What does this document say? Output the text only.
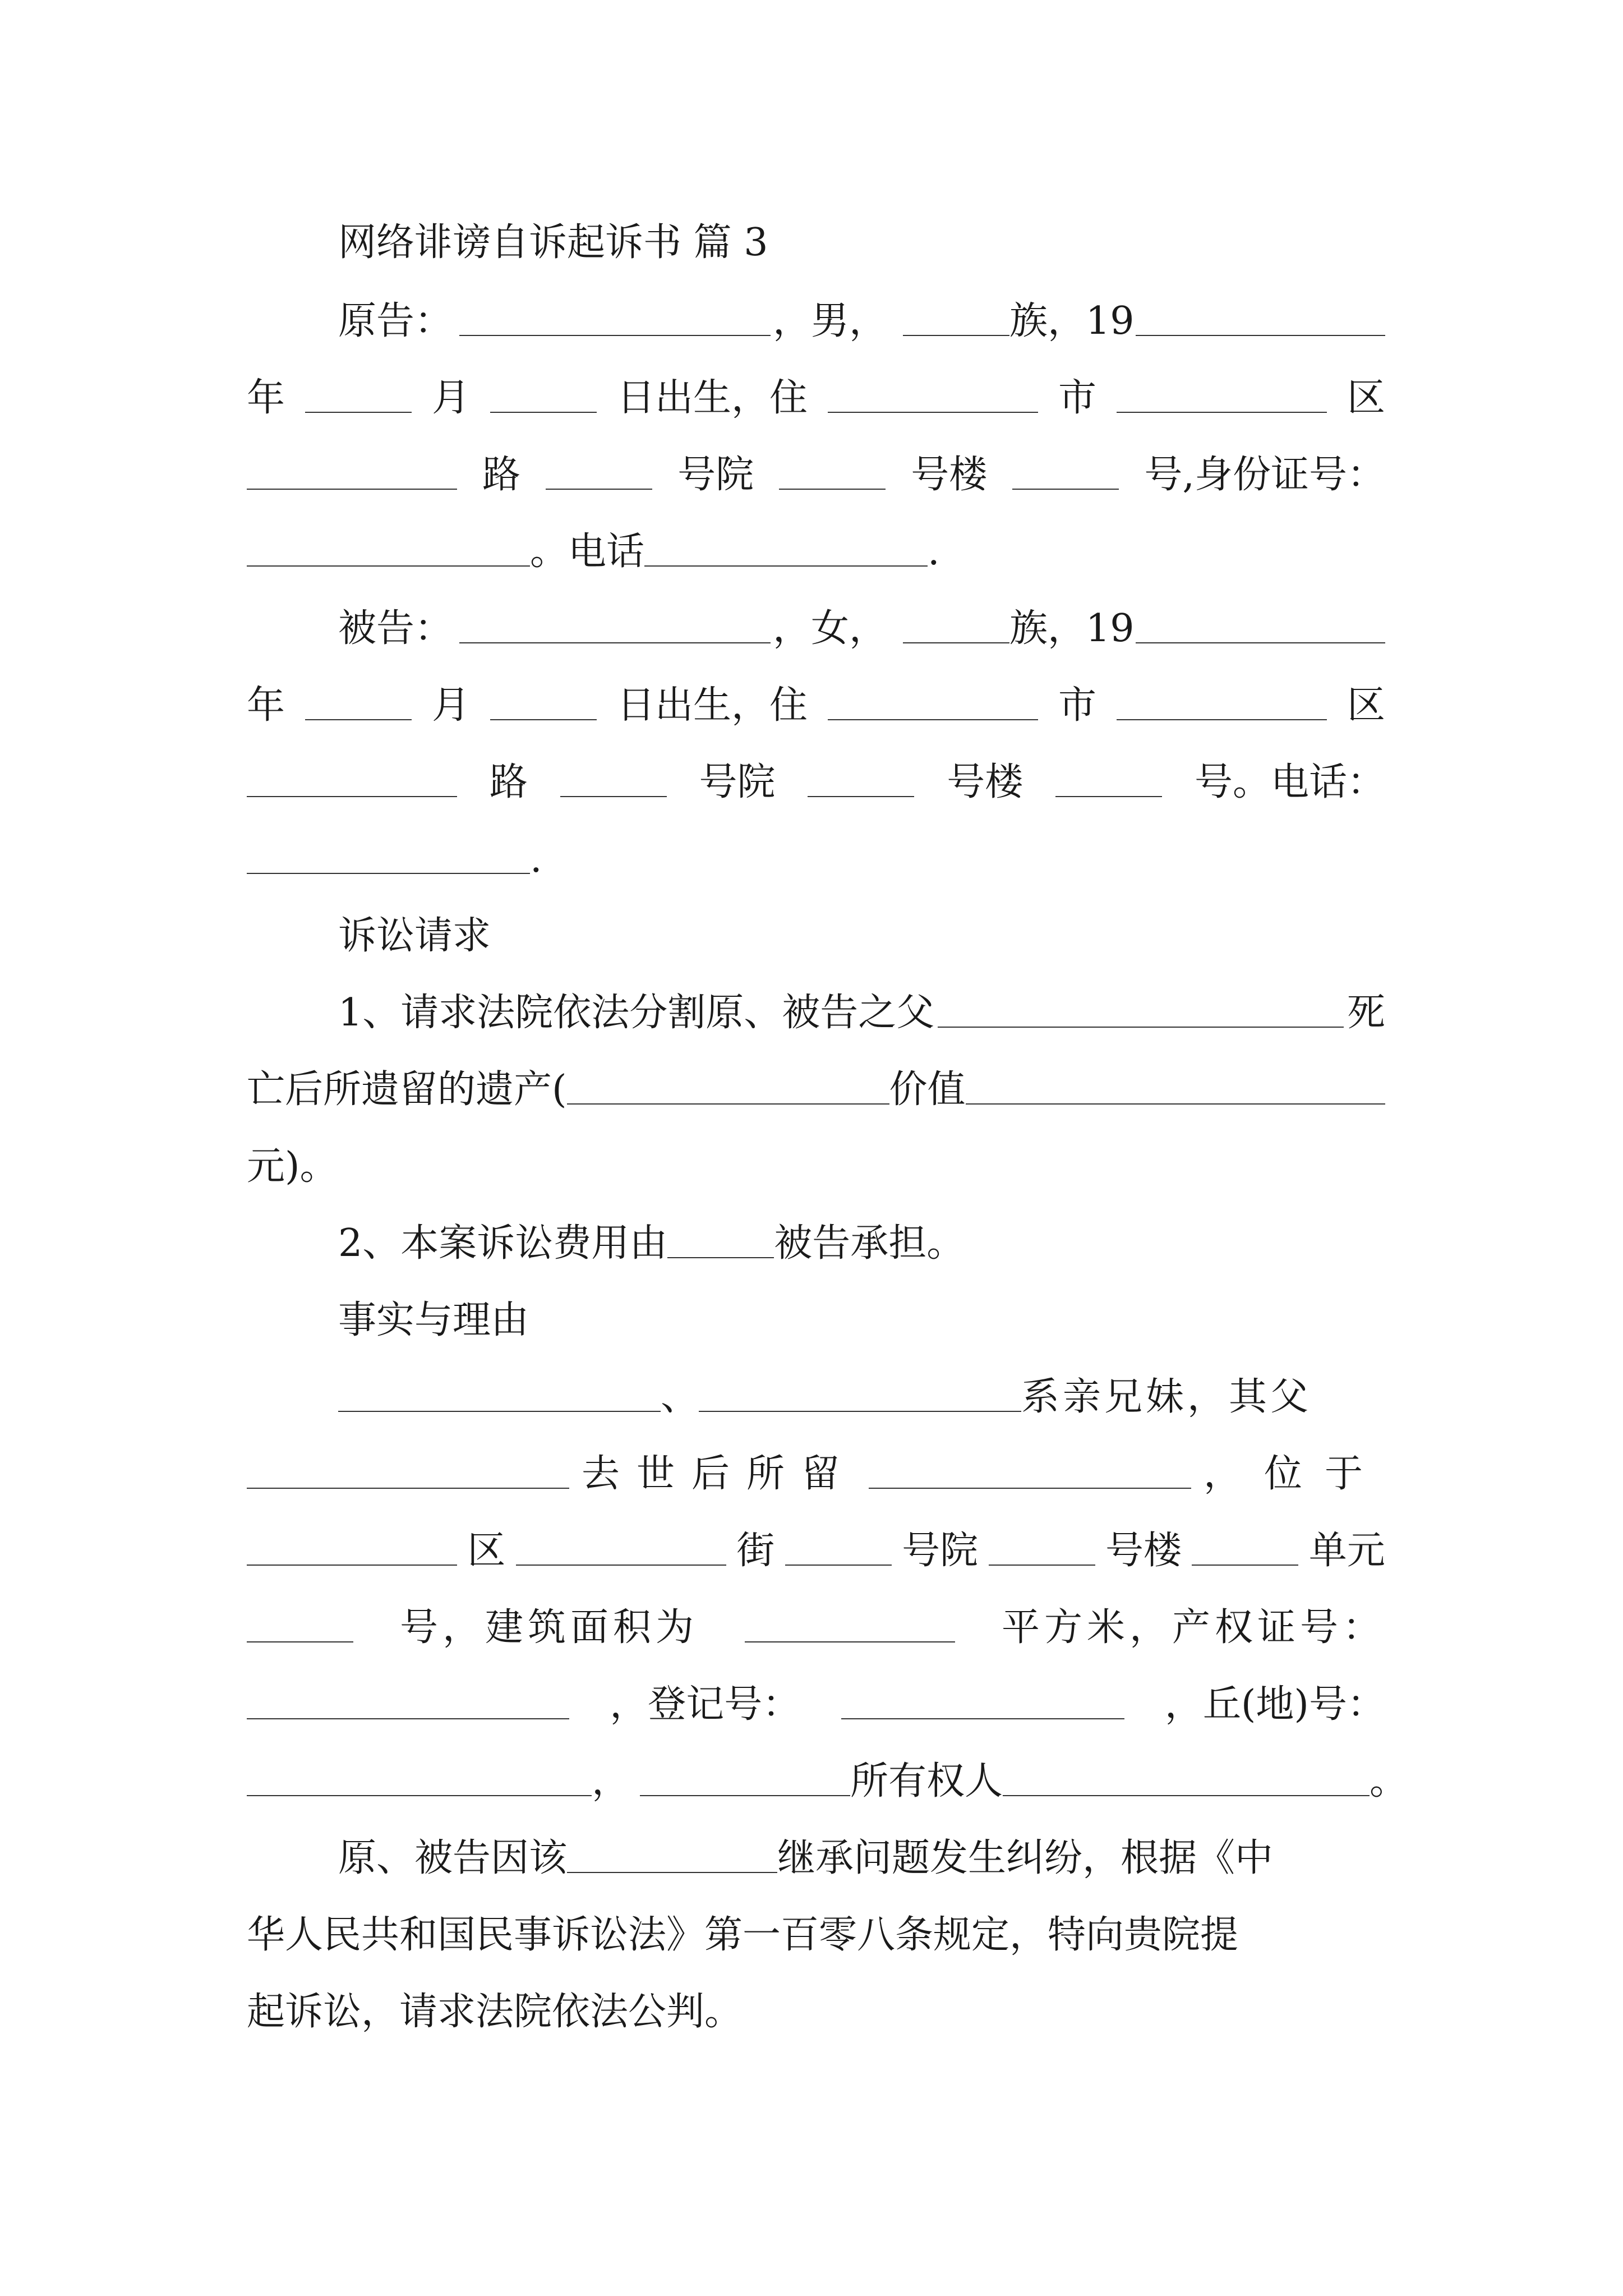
网络诽谤自诉起诉书 篇 3
原告：	，男，	族，19
年	月	日出生，住	市	区
路	号院	号楼	号,身份证号：
。电话	.
被告：	，女，	族，19
年	月	日出生，住	市	区
路	号院	号楼	号。电话：
.
诉讼请求
1、请求法院依法分割原、被告之父	死
亡后所遗留的遗产(	价值
元)。
2、本案诉讼费用由	被告承担。
事实与理由
、	系亲兄妹，其父
去世后所留	，位于
区	街	号院	号楼	单元
号，建筑面积为	平方米，产权证号：
，登记号：	，丘(地)号：
，	所有权人	。
原、被告因该	继承问题发生纠纷，根据《中
华人民共和国民事诉讼法》第一百零八条规定，特向贵院提
起诉讼，请求法院依法公判。
